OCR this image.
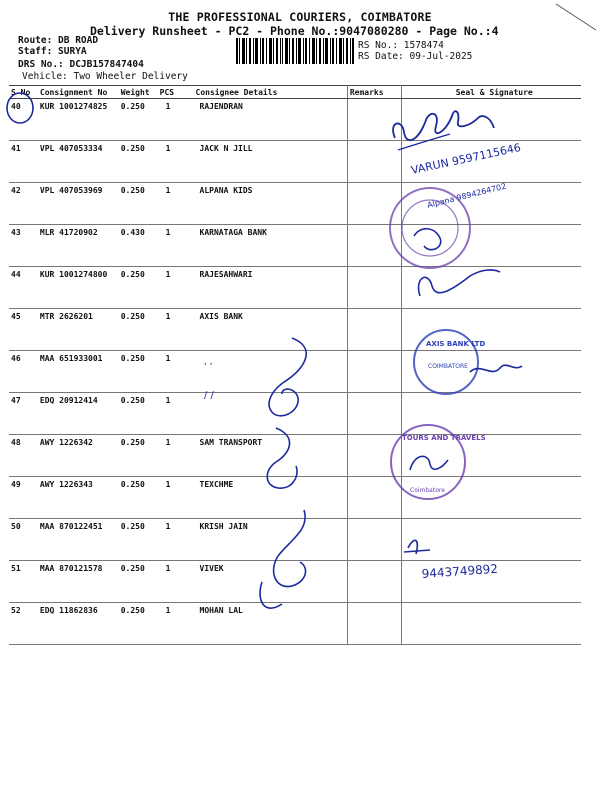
THE PROFESSIONAL COURIERS, COIMBATORE
Delivery Runsheet - PC2 - Phone No.:9047080280 - Page No.:4
Route: DB ROAD
Staff: SURYA
DRS No.: DCJB157847404
Vehicle: Two Wheeler Delivery
RS No.: 1578474
RS Date: 09-Jul-2025
S No	Consignment No	Weight	PCS	Consignee Details	Remarks	Seal & Signature
40	KUR 1001274825	0.250	1	RAJENDRAN		
41	VPL 407053334	0.250	1	JACK N JILL		
42	VPL 407053969	0.250	1	ALPANA KIDS		
43	MLR 41720902	0.430	1	KARNATAGA BANK		
44	KUR 1001274800	0.250	1	RAJESAHWARI		
45	MTR 2626201	0.250	1	AXIS BANK		
46	MAA 651933001	0.250	1			
47	EDQ 20912414	0.250	1			
48	AWY 1226342	0.250	1	SAM TRANSPORT		
49	AWY 1226343	0.250	1	TEXCHME		
50	MAA 870122451	0.250	1	KRISH JAIN		
51	MAA 870121578	0.250	1	VIVEK		
52	EDQ 11862836	0.250	1	MOHAN LAL		
VARUN 9597115646
Alpana 9894264702
, ,
/ /
AXIS BANK LTD
COIMBATORE
TOURS AND TRAVELS
Coimbatore
9443749892
